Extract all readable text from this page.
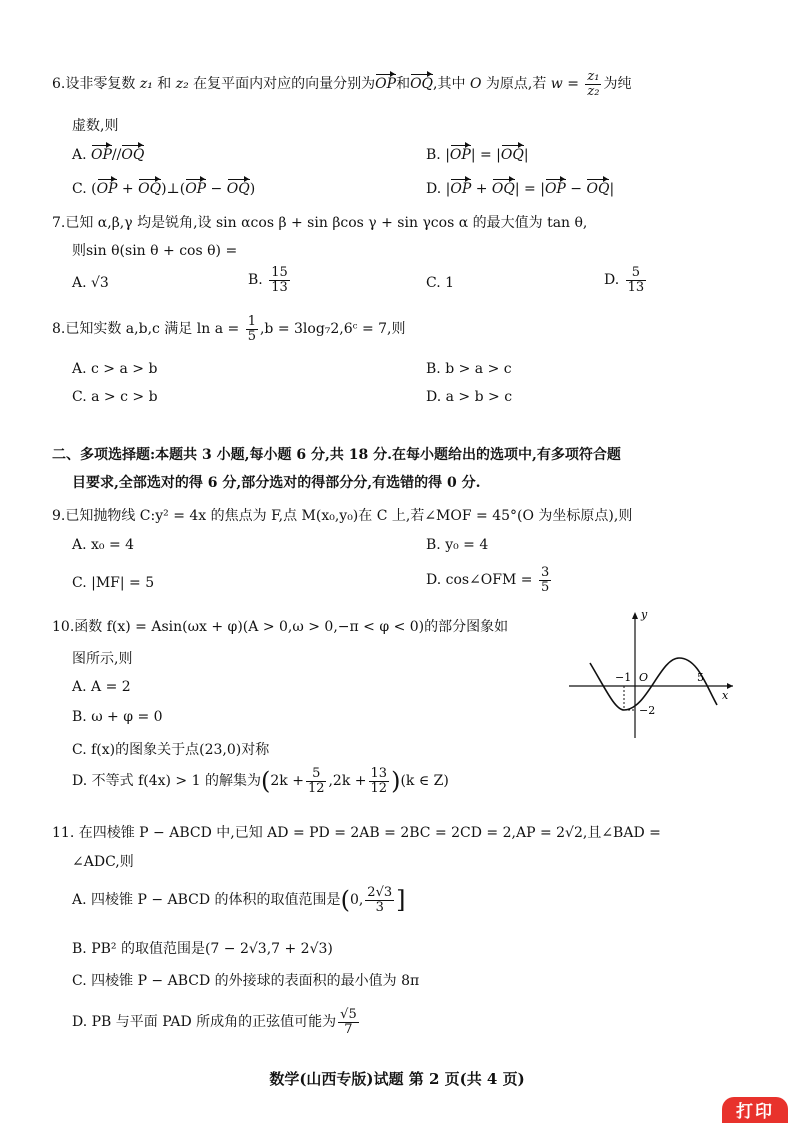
6.设非零复数 z₁ 和 z₂ 在复平面内对应的向量分别为OP和OQ,其中 O 为原点,若 $w = \frac{\text{z₁}}{\text{z₂}}$ 为纯
虚数,则
A. OP//OQ	B. |OP| = |OQ|
C. (OP + OQ)⊥(OP − OQ)	D. |OP + OQ| = |OP − OQ|
7.已知 α,β,γ 均是锐角,设 sin αcos β + sin βcos γ + sin γcos α 的最大值为 tan θ,
则sin θ(sin θ + cos θ) =
A. √3	B. $\frac{15}{13}$	C. 1	D. $\frac{5}{13}$
8.已知实数 a,b,c 满足 $\ln a = \frac{1}{5} ,b$ = 3log₇2,6ᶜ = 7,则
A. c > a > b	B. b > a > c
C. a > c > b	D. a > b > c
二、多项选择题:本题共 3 小题,每小题 6 分,共 18 分.在每小题给出的选项中,有多项符合题
目要求,全部选对的得 6 分,部分选对的得部分分,有选错的得 0 分.
9.已知抛物线 C:y² = 4x 的焦点为 F,点 M(x₀,y₀)在 C 上,若∠MOF = 45°(O 为坐标原点),则
A. x₀ = 4	B. y₀ = 4
C. |MF| = 5	D. cos∠OFM = $\frac{3}{5}$
10.函数 f(x) = Asin(ωx + φ)(A > 0,ω > 0,−π < φ < 0)的部分图象如
图所示,则
A. A = 2
B. ω + φ = 0
C. f(x)的图象关于点(23,0)对称
D. 不等式 f(4x) > 1 的解集为$(2k + \frac{5}{12} ,2k + \frac{13}{12} )(k$ ∈ Z)
y
x
−1 O	5
−2
11. 在四棱锥 P − ABCD 中,已知 AD = PD = 2AB = 2BC = 2CD = 2,AP = 2√2,且∠BAD =
∠ADC,则
A. 四棱锥 P − ABCD 的体积的取值范围是(0, $\frac{2√3}{3}$ ]
B. PB² 的取值范围是(7 − 2√3,7 + 2√3)
C. 四棱锥 P − ABCD 的外接球的表面积的最小值为 8π
D. PB 与平面 PAD 所成角的正弦值可能为 $\frac{√5}{7}$
数学(山西专版)试题 第 2 页(共 4 页)
打印
